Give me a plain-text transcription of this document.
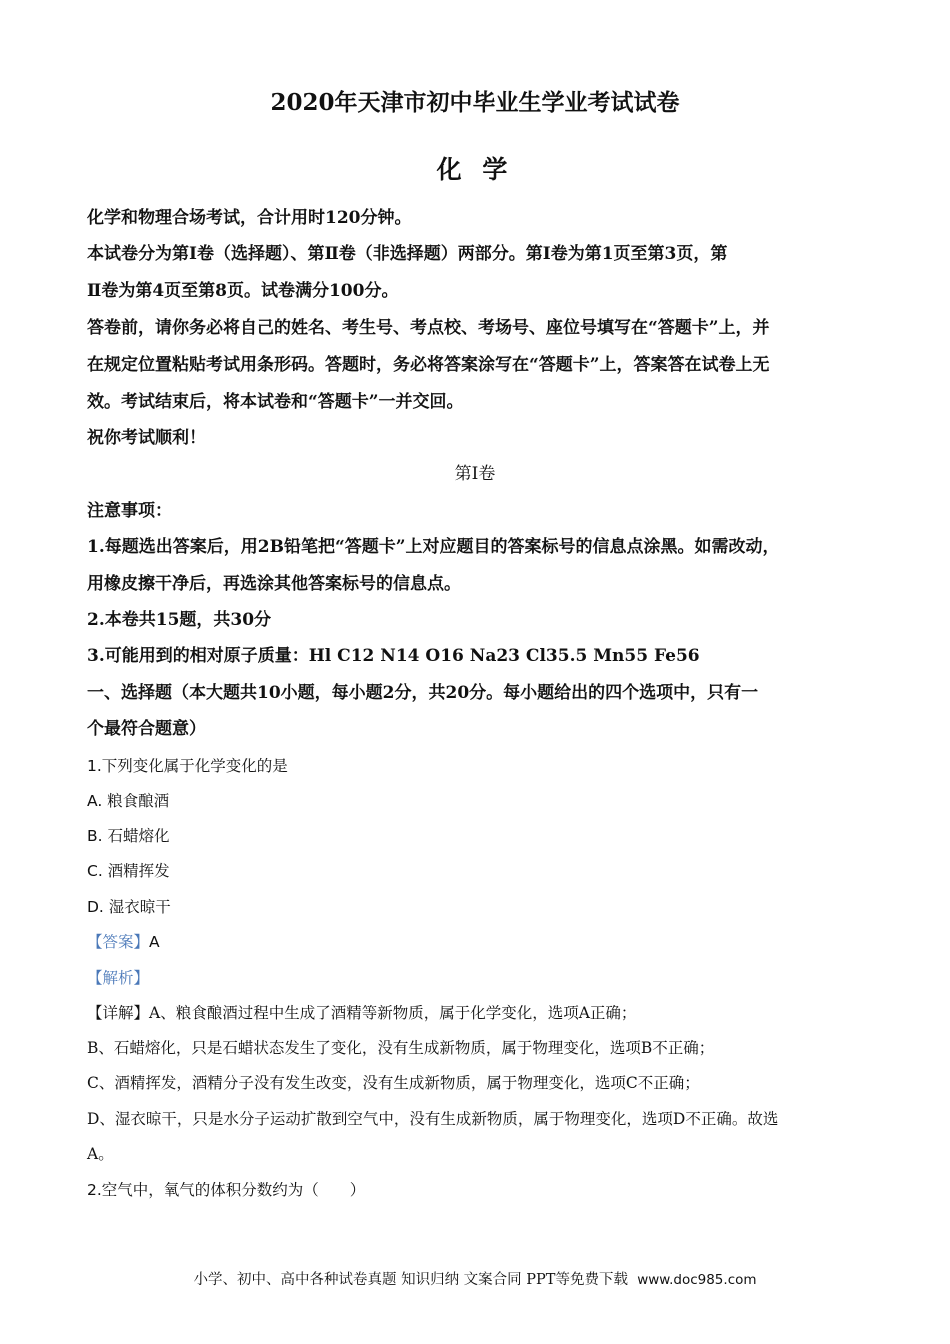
2020年天津市初中毕业生学业考试试卷
化 学
化学和物理合场考试，合计用时120分钟。
本试卷分为第Ⅰ卷（选择题）、第Ⅱ卷（非选择题）两部分。第Ⅰ卷为第1页至第3页，第
Ⅱ卷为第4页至第8页。试卷满分100分。
答卷前，请你务必将自己的姓名、考生号、考点校、考场号、座位号填写在“答题卡”上，并
在规定位置粘贴考试用条形码。答题时，务必将答案涂写在“答题卡”上，答案答在试卷上无
效。考试结束后，将本试卷和“答题卡”一并交回。
祝你考试顺利！
第Ⅰ卷
注意事项：
1.每题选出答案后，用2B铅笔把“答题卡”上对应题目的答案标号的信息点涂黑。如需改动，
用橡皮擦干净后，再选涂其他答案标号的信息点。
2.本卷共15题，共30分
3.可能用到的相对原子质量：Hl C12 N14 O16 Na23 Cl35.5 Mn55 Fe56
一、选择题（本大题共10小题，每小题2分，共20分。每小题给出的四个选项中，只有一
个最符合题意）
1.下列变化属于化学变化的是
A. 粮食酿酒
B. 石蜡熔化
C. 酒精挥发
D. 湿衣晾干
【答案】A
【解析】
【详解】A、粮食酿酒过程中生成了酒精等新物质，属于化学变化，选项A正确；
B、石蜡熔化，只是石蜡状态发生了变化，没有生成新物质，属于物理变化，选项B不正确；
C、酒精挥发，酒精分子没有发生改变，没有生成新物质，属于物理变化，选项C不正确；
D、湿衣晾干，只是水分子运动扩散到空气中，没有生成新物质，属于物理变化，选项D不正确。故选
A。
2.空气中，氧气的体积分数约为（　　）
小学、初中、高中各种试卷真题 知识归纳 文案合同 PPT等免费下载 www.doc985.com
